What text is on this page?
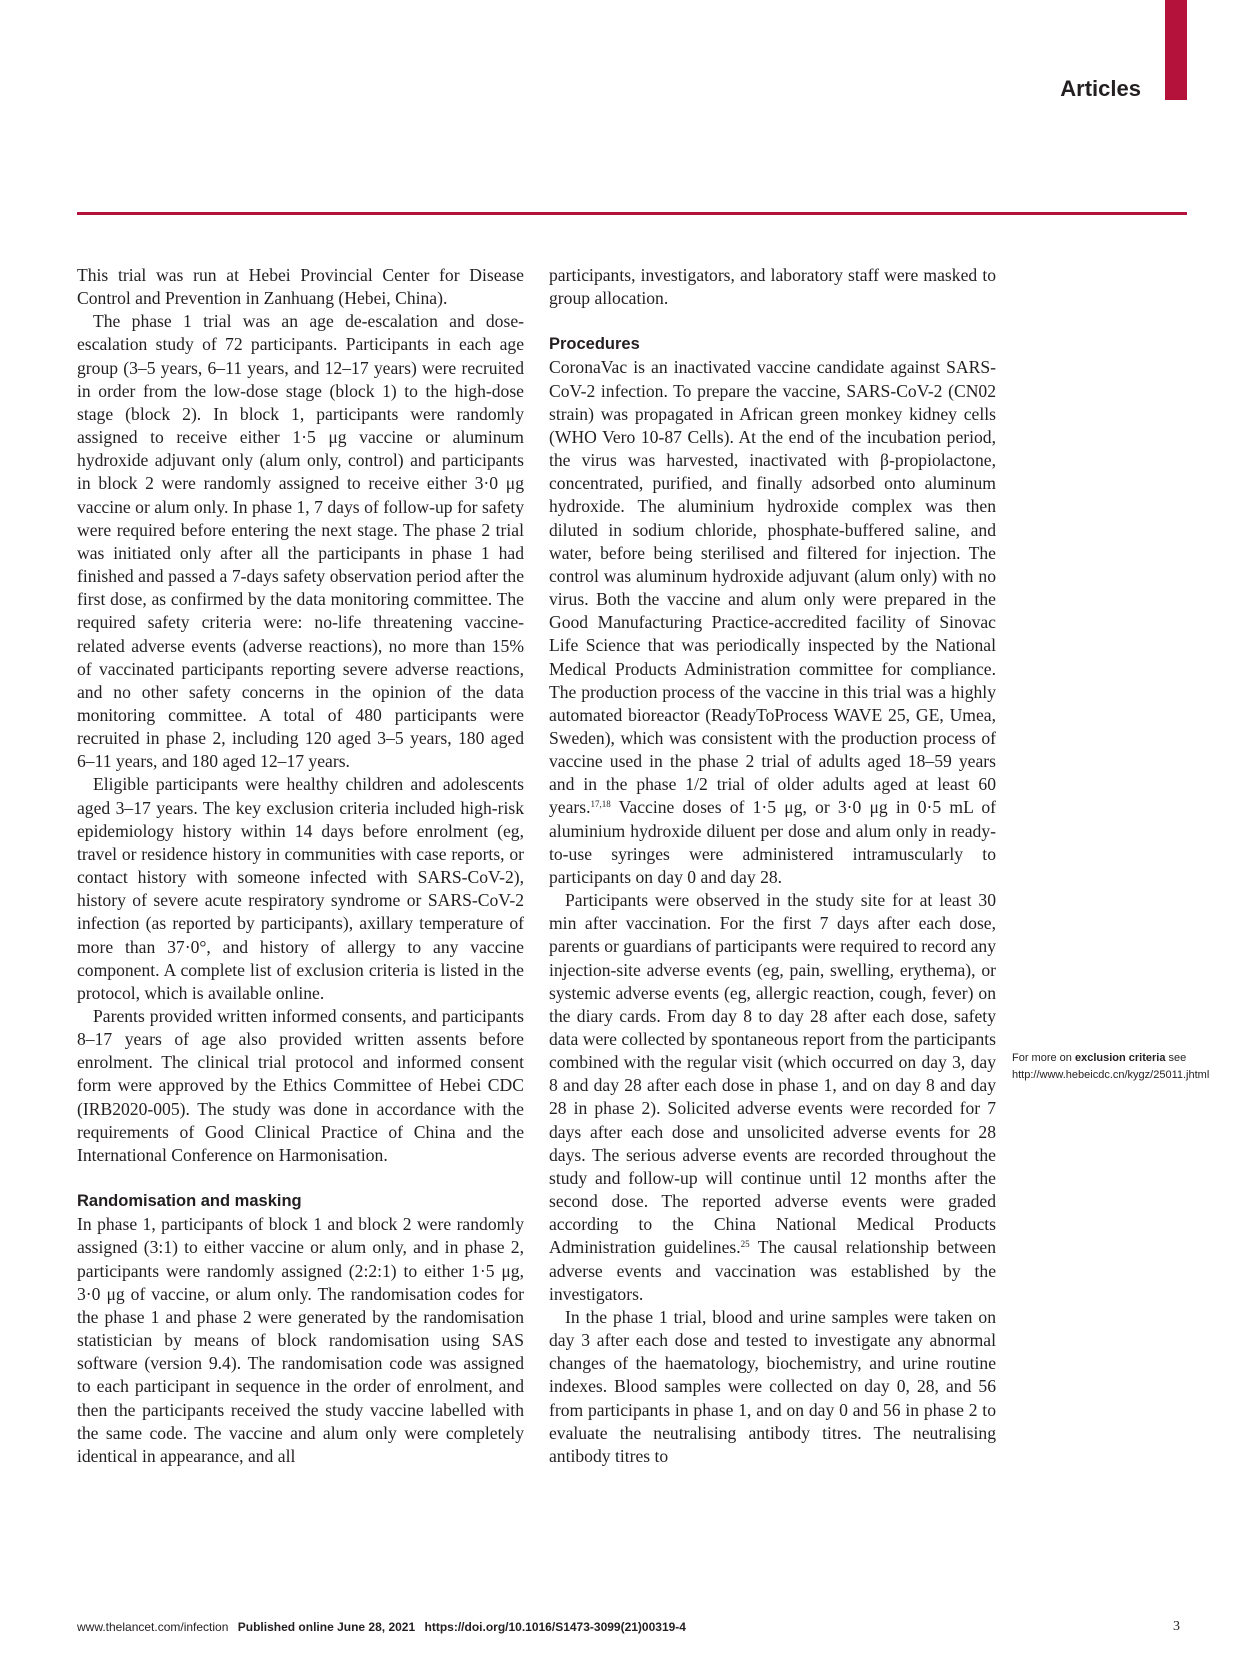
Articles

This trial was run at Hebei Provincial Center for Disease Control and Prevention in Zanhuang (Hebei, China).

The phase 1 trial was an age de-escalation and dose-escalation study of 72 participants. Participants in each age group (3–5 years, 6–11 years, and 12–17 years) were recruited in order from the low-dose stage (block 1) to the high-dose stage (block 2). In block 1, participants were randomly assigned to receive either 1·5 μg vaccine or aluminum hydroxide adjuvant only (alum only, control) and participants in block 2 were randomly assigned to receive either 3·0 μg vaccine or alum only. In phase 1, 7 days of follow-up for safety were required before entering the next stage. The phase 2 trial was initiated only after all the participants in phase 1 had finished and passed a 7-days safety observation period after the first dose, as confirmed by the data monitoring committee. The required safety criteria were: no-life threatening vaccine-related adverse events (adverse reactions), no more than 15% of vaccinated participants reporting severe adverse reactions, and no other safety concerns in the opinion of the data monitoring committee. A total of 480 participants were recruited in phase 2, including 120 aged 3–5 years, 180 aged 6–11 years, and 180 aged 12–17 years.

Eligible participants were healthy children and adolescents aged 3–17 years. The key exclusion criteria included high-risk epidemiology history within 14 days before enrolment (eg, travel or residence history in communities with case reports, or contact history with someone infected with SARS-CoV-2), history of severe acute respiratory syndrome or SARS-CoV-2 infection (as reported by participants), axillary temperature of more than 37·0°, and history of allergy to any vaccine component. A complete list of exclusion criteria is listed in the protocol, which is available online.

Parents provided written informed consents, and participants 8–17 years of age also provided written assents before enrolment. The clinical trial protocol and informed consent form were approved by the Ethics Committee of Hebei CDC (IRB2020-005). The study was done in accordance with the requirements of Good Clinical Practice of China and the International Conference on Harmonisation.

Randomisation and masking

In phase 1, participants of block 1 and block 2 were randomly assigned (3:1) to either vaccine or alum only, and in phase 2, participants were randomly assigned (2:2:1) to either 1·5 μg, 3·0 μg of vaccine, or alum only. The randomisation codes for the phase 1 and phase 2 were generated by the randomisation statistician by means of block randomisation using SAS software (version 9.4). The randomisation code was assigned to each participant in sequence in the order of enrolment, and then the participants received the study vaccine labelled with the same code. The vaccine and alum only were completely identical in appearance, and all

participants, investigators, and laboratory staff were masked to group allocation.

Procedures

CoronaVac is an inactivated vaccine candidate against SARS-CoV-2 infection. To prepare the vaccine, SARS-CoV-2 (CN02 strain) was propagated in African green monkey kidney cells (WHO Vero 10-87 Cells). At the end of the incubation period, the virus was harvested, inactivated with β-propiolactone, concentrated, purified, and finally adsorbed onto aluminum hydroxide. The aluminium hydroxide complex was then diluted in sodium chloride, phosphate-buffered saline, and water, before being sterilised and filtered for injection. The control was aluminum hydroxide adjuvant (alum only) with no virus. Both the vaccine and alum only were prepared in the Good Manufacturing Practice-accredited facility of Sinovac Life Science that was periodically inspected by the National Medical Products Administration committee for compliance. The production process of the vaccine in this trial was a highly automated bioreactor (ReadyToProcess WAVE 25, GE, Umea, Sweden), which was consistent with the production process of vaccine used in the phase 2 trial of adults aged 18–59 years and in the phase 1/2 trial of older adults aged at least 60 years.$^{17,18}$ Vaccine doses of 1·5 μg, or 3·0 μg in 0·5 mL of aluminium hydroxide diluent per dose and alum only in ready-to-use syringes were administered intramuscularly to participants on day 0 and day 28.

Participants were observed in the study site for at least 30 min after vaccination. For the first 7 days after each dose, parents or guardians of participants were required to record any injection-site adverse events (eg, pain, swelling, erythema), or systemic adverse events (eg, allergic reaction, cough, fever) on the diary cards. From day 8 to day 28 after each dose, safety data were collected by spontaneous report from the participants combined with the regular visit (which occurred on day 3, day 8 and day 28 after each dose in phase 1, and on day 8 and day 28 in phase 2). Solicited adverse events were recorded for 7 days after each dose and unsolicited adverse events for 28 days. The serious adverse events are recorded throughout the study and follow-up will continue until 12 months after the second dose. The reported adverse events were graded according to the China National Medical Products Administration guidelines.$^{25}$ The causal relationship between adverse events and vaccination was established by the investigators.

In the phase 1 trial, blood and urine samples were taken on day 3 after each dose and tested to investigate any abnormal changes of the haematology, biochemistry, and urine routine indexes. Blood samples were collected on day 0, 28, and 56 from participants in phase 1, and on day 0 and 56 in phase 2 to evaluate the neutralising antibody titres. The neutralising antibody titres to

For more on exclusion criteria see http://www.hebeicdc.cn/kygz/25011.jhtml
www.thelancet.com/infection Published online June 28, 2021 https://doi.org/10.1016/S1473-3099(21)00319-4	3
